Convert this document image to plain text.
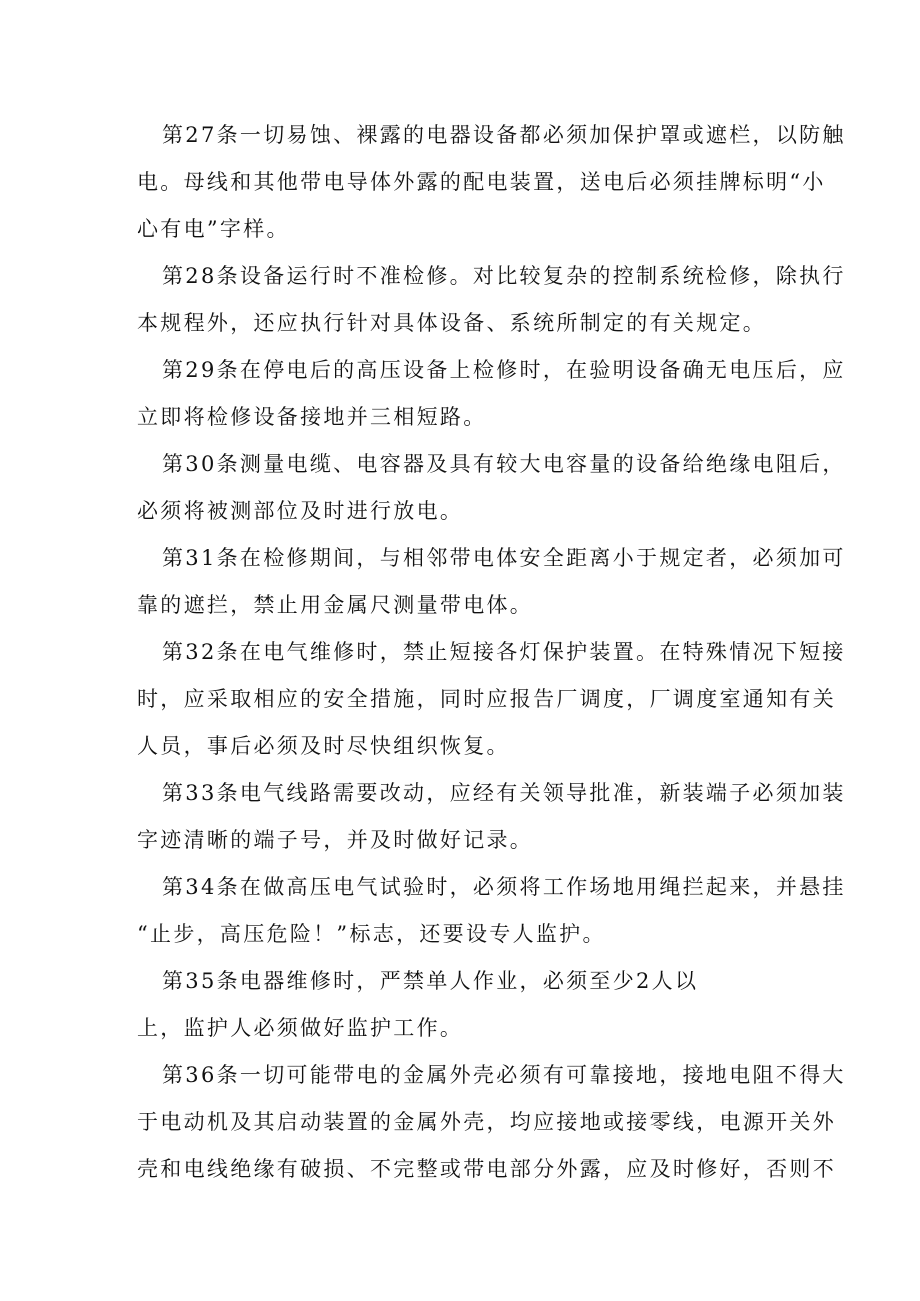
第27条一切易蚀、裸露的电器设备都必须加保护罩或遮栏，以防触
电。母线和其他带电导体外露的配电装置，送电后必须挂牌标明“小
心有电”字样。
第28条设备运行时不准检修。对比较复杂的控制系统检修，除执行
本规程外，还应执行针对具体设备、系统所制定的有关规定。
第29条在停电后的高压设备上检修时，在验明设备确无电压后，应
立即将检修设备接地并三相短路。
第30条测量电缆、电容器及具有较大电容量的设备给绝缘电阻后，
必须将被测部位及时进行放电。
第31条在检修期间，与相邻带电体安全距离小于规定者，必须加可
靠的遮拦，禁止用金属尺测量带电体。
第32条在电气维修时，禁止短接各灯保护装置。在特殊情况下短接
时，应采取相应的安全措施，同时应报告厂调度，厂调度室通知有关
人员，事后必须及时尽快组织恢复。
第33条电气线路需要改动，应经有关领导批准，新装端子必须加装
字迹清晰的端子号，并及时做好记录。
第34条在做高压电气试验时，必须将工作场地用绳拦起来，并悬挂
“止步，高压危险！”标志，还要设专人监护。
第35条电器维修时，严禁单人作业，必须至少2人以
上，监护人必须做好监护工作。
第36条一切可能带电的金属外壳必须有可靠接地，接地电阻不得大
于电动机及其启动装置的金属外壳，均应接地或接零线，电源开关外
壳和电线绝缘有破损、不完整或带电部分外露，应及时修好，否则不
